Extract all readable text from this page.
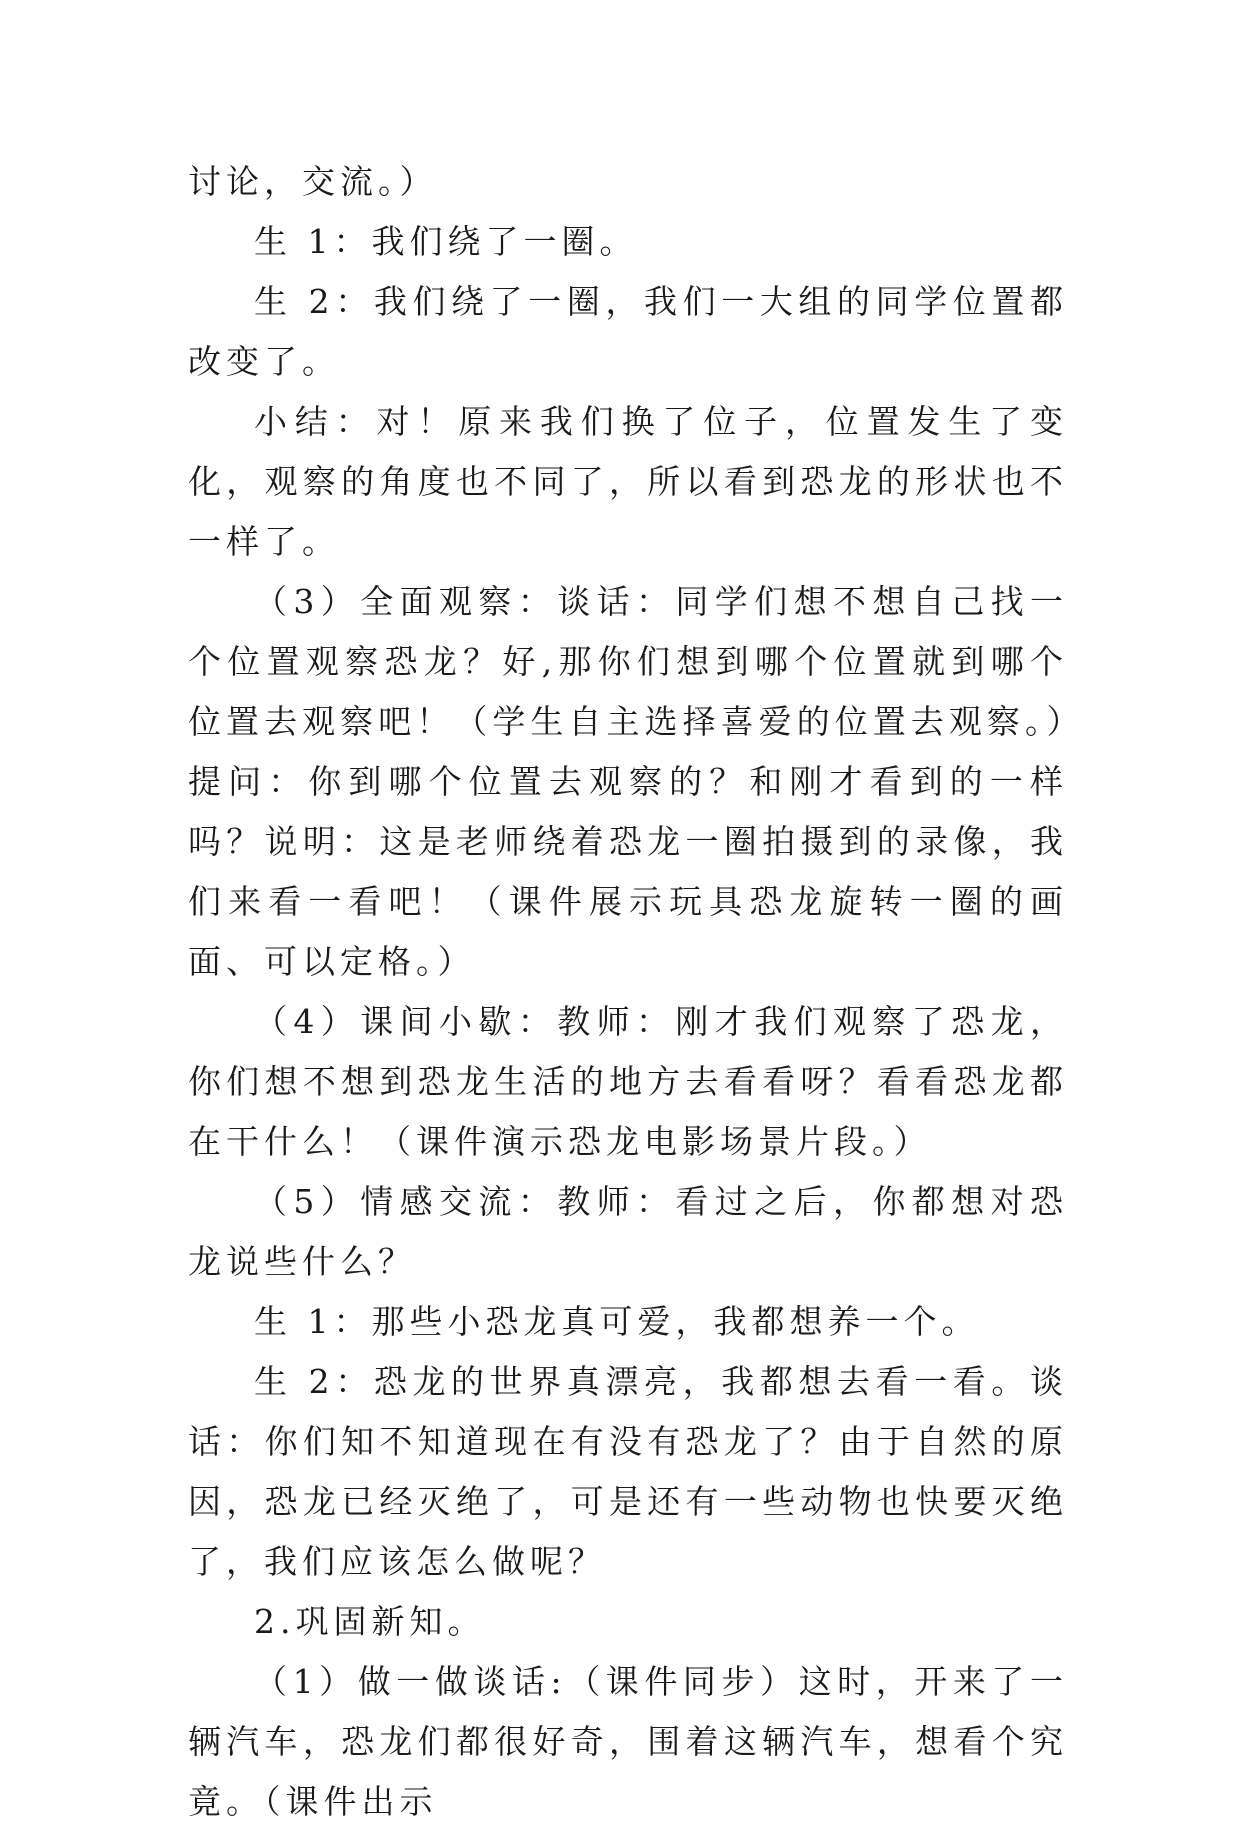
讨论，交流。）

生 1：我们绕了一圈。

生 2：我们绕了一圈，我们一大组的同学位置都改变了。

小结：对！原来我们换了位子，位置发生了变化，观察的角度也不同了，所以看到恐龙的形状也不一样了。

（3）全面观察：谈话：同学们想不想自己找一个位置观察恐龙？好,那你们想到哪个位置就到哪个位置去观察吧！（学生自主选择喜爱的位置去观察。）提问：你到哪个位置去观察的？和刚才看到的一样吗？说明：这是老师绕着恐龙一圈拍摄到的录像，我们来看一看吧！（课件展示玩具恐龙旋转一圈的画面、可以定格。）

（4）课间小歇：教师：刚才我们观察了恐龙，你们想不想到恐龙生活的地方去看看呀？看看恐龙都在干什么！（课件演示恐龙电影场景片段。）

（5）情感交流：教师：看过之后，你都想对恐龙说些什么？

生 1：那些小恐龙真可爱，我都想养一个。

生 2：恐龙的世界真漂亮，我都想去看一看。谈话：你们知不知道现在有没有恐龙了？由于自然的原因，恐龙已经灭绝了，可是还有一些动物也快要灭绝了，我们应该怎么做呢？

2.巩固新知。

（1）做一做谈话:（课件同步）这时，开来了一辆汽车，恐龙们都很好奇，围着这辆汽车，想看个究竟。（课件出示
